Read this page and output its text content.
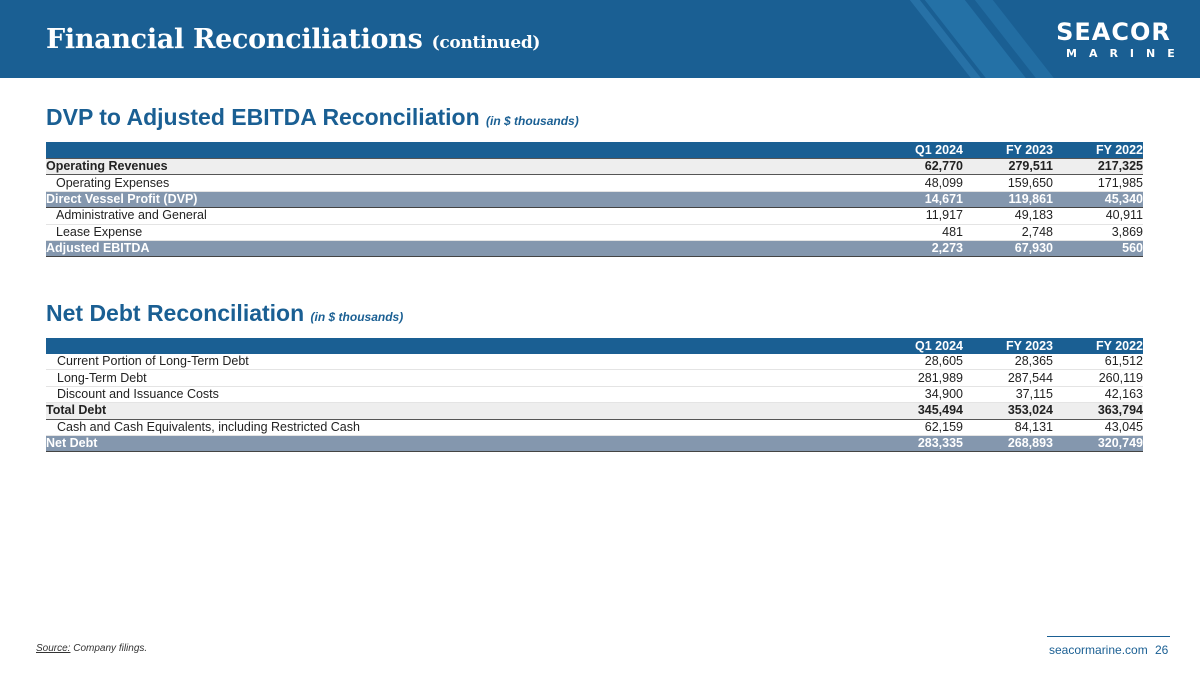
Financial Reconciliations (continued)	SEACOR
MARINE
DVP to Adjusted EBITDA Reconciliation (in $ thousands)
	Q1 2024	FY 2023	FY 2022
Operating Revenues	62,770	279,511	217,325
Operating Expenses	48,099	159,650	171,985
Direct Vessel Profit (DVP)	14,671	119,861	45,340
Administrative and General	11,917	49,183	40,911
Lease Expense	481	2,748	3,869
Adjusted EBITDA	2,273	67,930	560
Net Debt Reconciliation (in $ thousands)
	Q1 2024	FY 2023	FY 2022
Current Portion of Long-Term Debt	28,605	28,365	61,512
Long-Term Debt	281,989	287,544	260,119
Discount and Issuance Costs	34,900	37,115	42,163
Total Debt	345,494	353,024	363,794
Cash and Cash Equivalents, including Restricted Cash	62,159	84,131	43,045
Net Debt	283,335	268,893	320,749
Source: Company filings.	seacormarine.com 26
